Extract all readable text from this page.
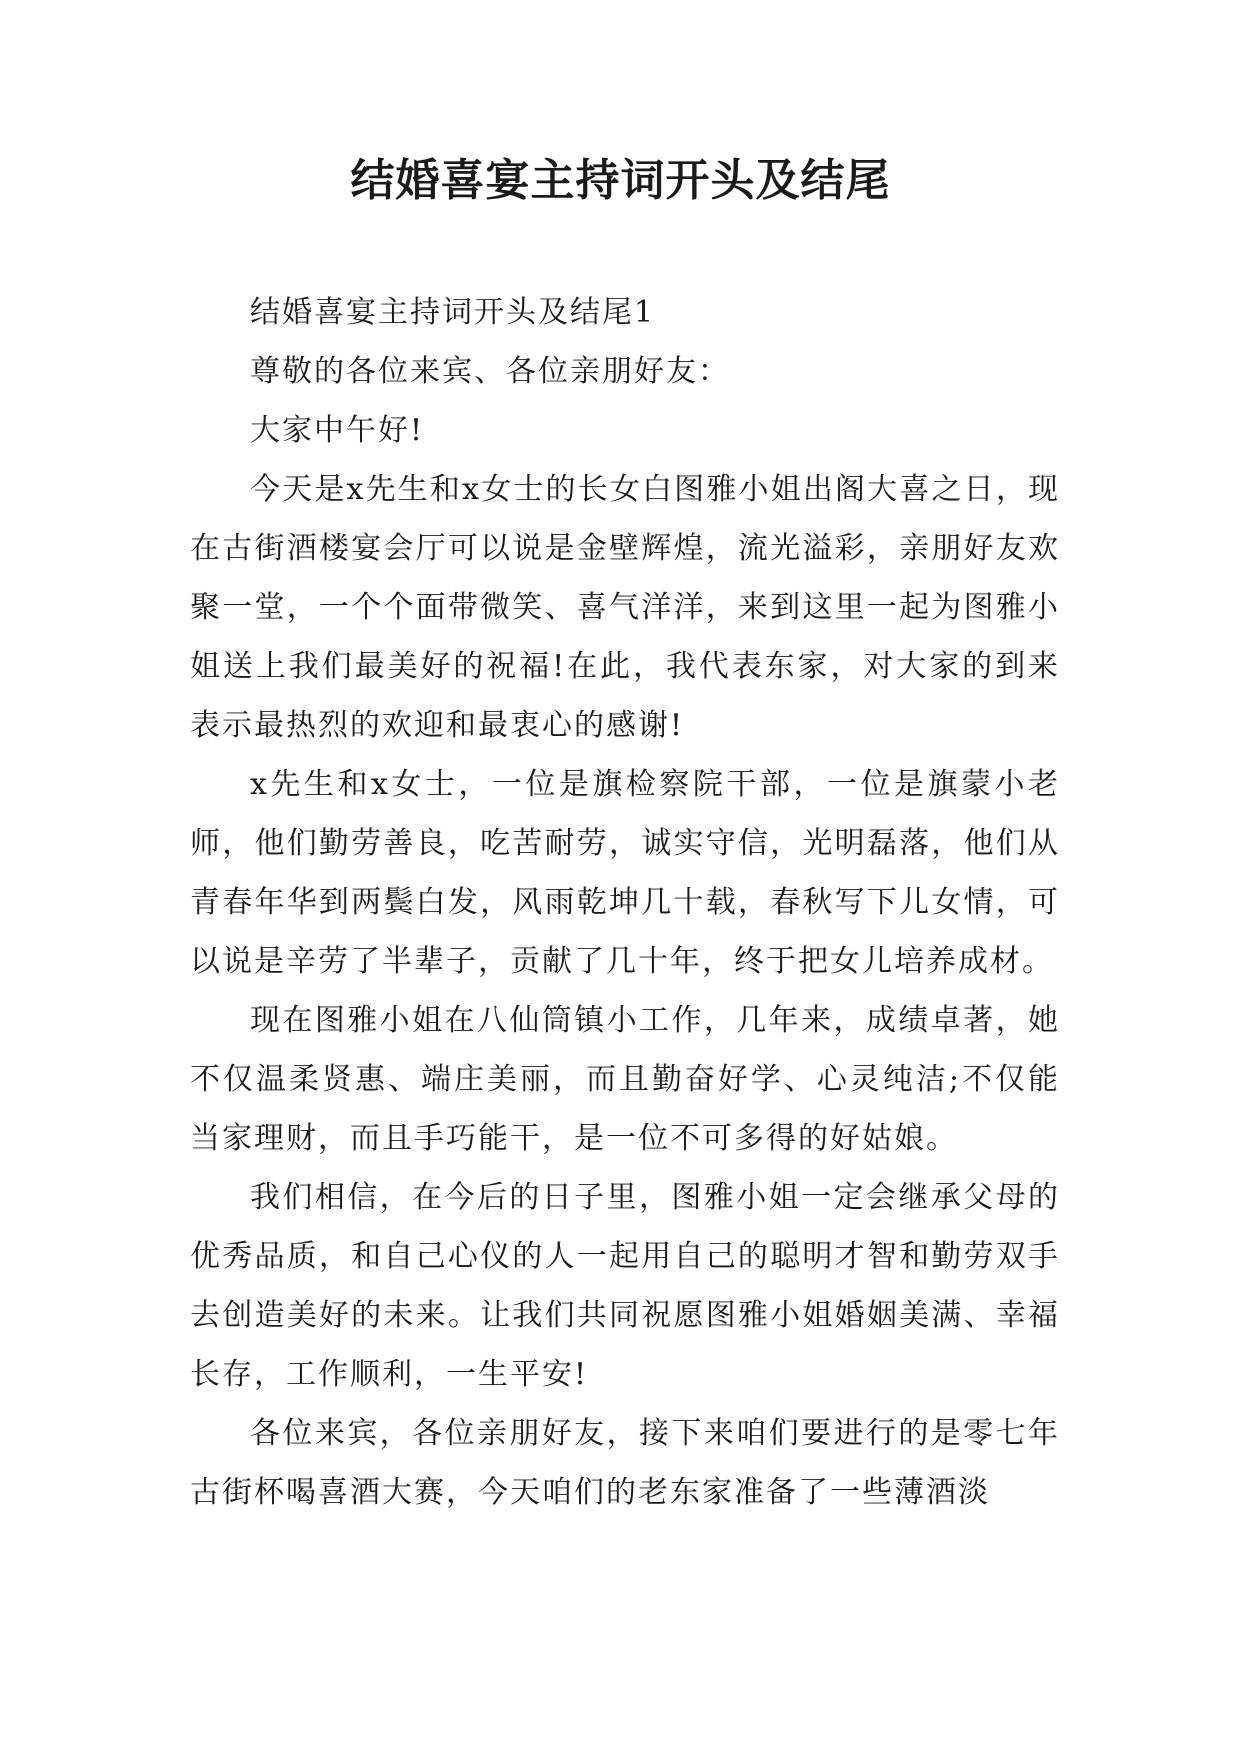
结婚喜宴主持词开头及结尾

结婚喜宴主持词开头及结尾1

尊敬的各位来宾、各位亲朋好友：

大家中午好!

今天是x先生和x女士的长女白图雅小姐出阁大喜之日，现在古街酒楼宴会厅可以说是金壁辉煌，流光溢彩，亲朋好友欢聚一堂，一个个面带微笑、喜气洋洋，来到这里一起为图雅小姐送上我们最美好的祝福!在此，我代表东家，对大家的到来表示最热烈的欢迎和最衷心的感谢!

x先生和x女士，一位是旗检察院干部，一位是旗蒙小老师，他们勤劳善良，吃苦耐劳，诚实守信，光明磊落，他们从青春年华到两鬓白发，风雨乾坤几十载，春秋写下儿女情，可以说是辛劳了半辈子，贡献了几十年，终于把女儿培养成材。

现在图雅小姐在八仙筒镇小工作，几年来，成绩卓著，她不仅温柔贤惠、端庄美丽，而且勤奋好学、心灵纯洁;不仅能当家理财，而且手巧能干，是一位不可多得的好姑娘。

我们相信，在今后的日子里，图雅小姐一定会继承父母的优秀品质，和自己心仪的人一起用自己的聪明才智和勤劳双手去创造美好的未来。让我们共同祝愿图雅小姐婚姻美满、幸福长存，工作顺利，一生平安!

各位来宾，各位亲朋好友，接下来咱们要进行的是零七年古街杯喝喜酒大赛，今天咱们的老东家准备了一些薄酒淡
